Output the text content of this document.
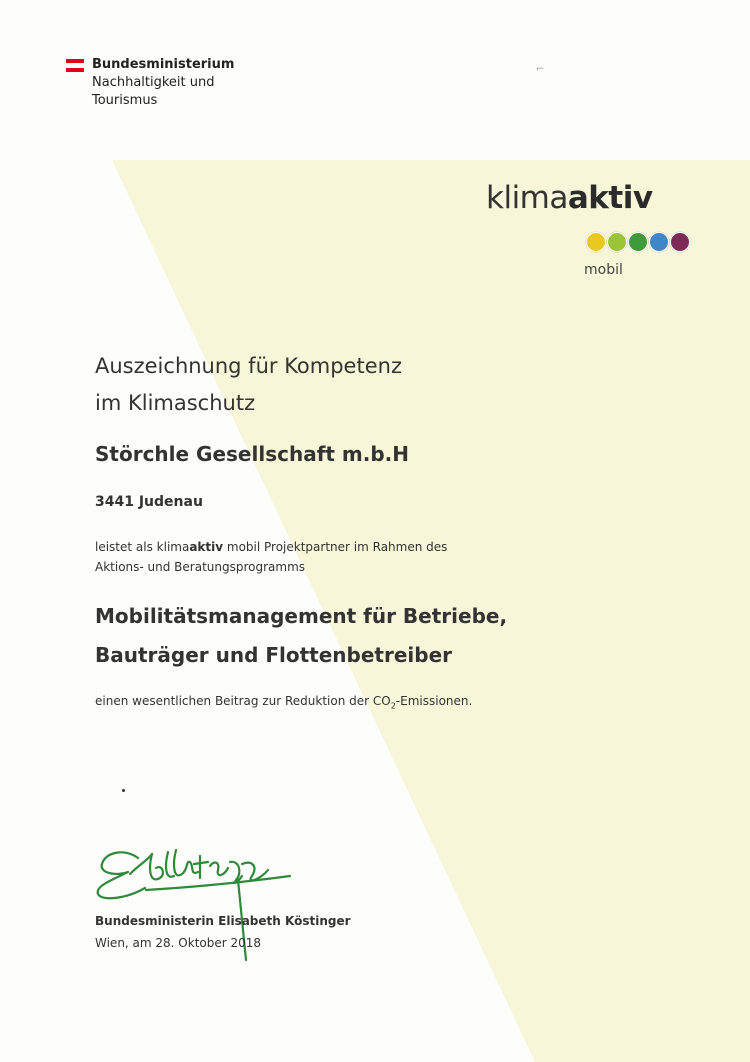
⌐
Bundesministerium
Nachhaltigkeit und
Tourismus
klimaaktiv
mobil
Auszeichnung für Kompetenz
im Klimaschutz
Störchle Gesellschaft m.b.H
3441 Judenau
leistet als klimaaktiv mobil Projektpartner im Rahmen des
Aktions- und Beratungsprogramms
Mobilitätsmanagement für Betriebe,
Bauträger und Flottenbetreiber
einen wesentlichen Beitrag zur Reduktion der $CO_2$-Emissionen.
Bundesministerin Elisabeth Köstinger
Wien, am 28. Oktober 2018
